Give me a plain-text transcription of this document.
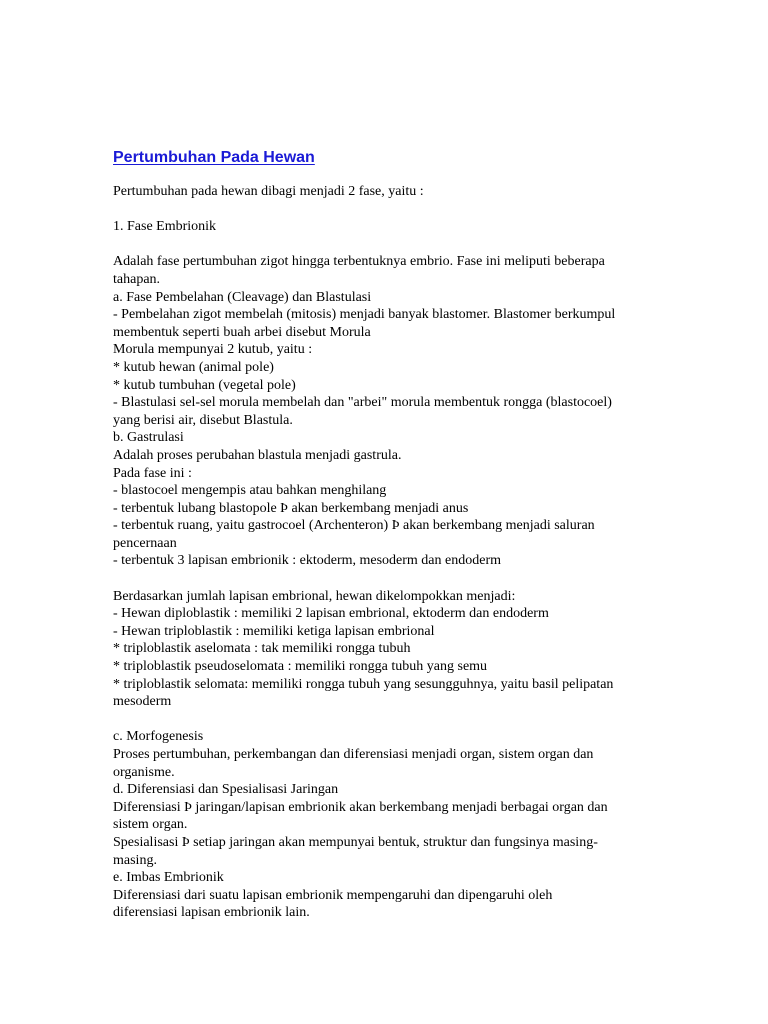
Pertumbuhan Pada Hewan
Pertumbuhan pada hewan dibagi menjadi 2 fase, yaitu :
1. Fase Embrionik
Adalah fase pertumbuhan zigot hingga terbentuknya embrio. Fase ini meliputi beberapa
tahapan.
a. Fase Pembelahan (Cleavage) dan Blastulasi
- Pembelahan zigot membelah (mitosis) menjadi banyak blastomer. Blastomer berkumpul
membentuk seperti buah arbei disebut Morula
Morula mempunyai 2 kutub, yaitu :
* kutub hewan (animal pole)
* kutub tumbuhan (vegetal pole)
- Blastulasi sel-sel morula membelah dan "arbei" morula membentuk rongga (blastocoel)
yang berisi air, disebut Blastula.
b. Gastrulasi
Adalah proses perubahan blastula menjadi gastrula.
Pada fase ini :
- blastocoel mengempis atau bahkan menghilang
- terbentuk lubang blastopole Þ akan berkembang menjadi anus
- terbentuk ruang, yaitu gastrocoel (Archenteron) Þ akan berkembang menjadi saluran
pencernaan
- terbentuk 3 lapisan embrionik : ektoderm, mesoderm dan endoderm
Berdasarkan jumlah lapisan embrional, hewan dikelompokkan menjadi:
- Hewan diploblastik : memiliki 2 lapisan embrional, ektoderm dan endoderm
- Hewan triploblastik : memiliki ketiga lapisan embrional
* triploblastik aselomata : tak memiliki rongga tubuh
* triploblastik pseudoselomata : memiliki rongga tubuh yang semu
* triploblastik selomata: memiliki rongga tubuh yang sesungguhnya, yaitu basil pelipatan
mesoderm
c. Morfogenesis
Proses pertumbuhan, perkembangan dan diferensiasi menjadi organ, sistem organ dan
organisme.
d. Diferensiasi dan Spesialisasi Jaringan
Diferensiasi Þ jaringan/lapisan embrionik akan berkembang menjadi berbagai organ dan
sistem organ.
Spesialisasi Þ setiap jaringan akan mempunyai bentuk, struktur dan fungsinya masing-
masing.
e. Imbas Embrionik
Diferensiasi dari suatu lapisan embrionik mempengaruhi dan dipengaruhi oleh
diferensiasi lapisan embrionik lain.
